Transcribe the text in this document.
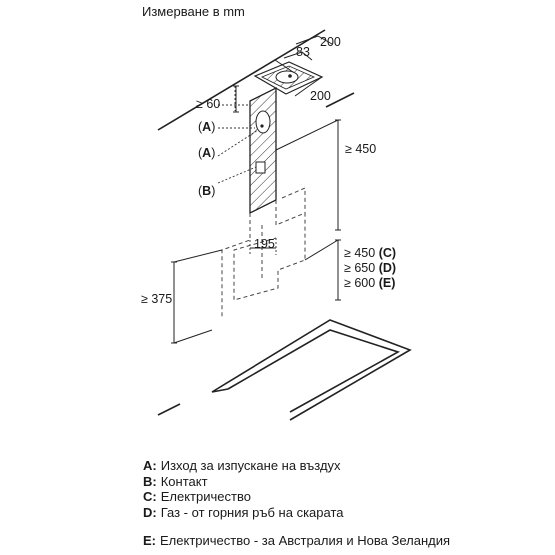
Измерване в mm
200
83
200
≥ 60
(A)
(A)
(B)
≥ 450
195
≥ 375
≥ 450 (C)
≥ 650 (D)
≥ 600 (E)
A: Изход за изпускане на въздух
B: Контакт
C: Електричество
D: Газ - от горния ръб на скарата
E: Електричество - за Австралия и Нова Зеландия
